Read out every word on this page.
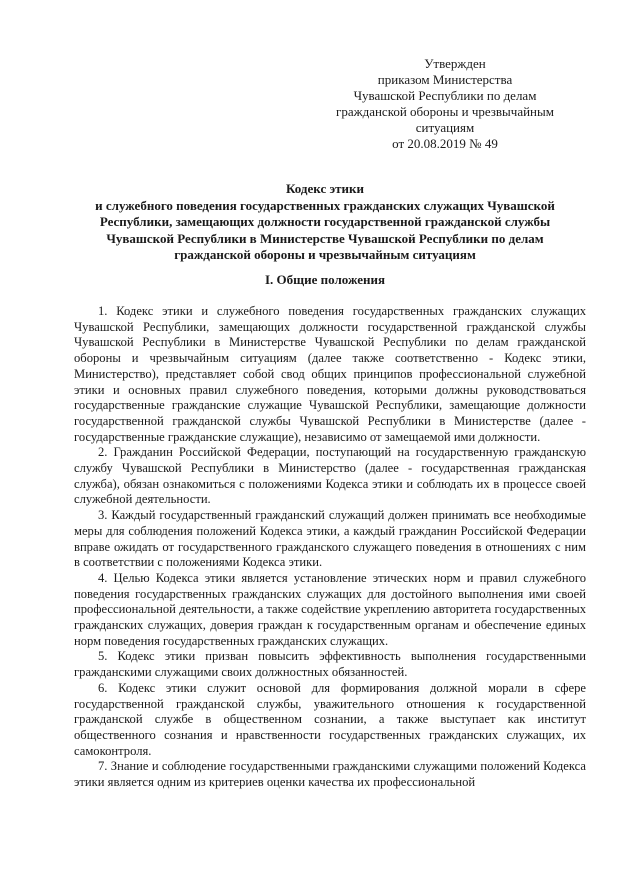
Утвержден
приказом Министерства
Чувашской Республики по делам
гражданской обороны и чрезвычайным
ситуациям
от 20.08.2019 № 49
Кодекс этики
и служебного поведения государственных гражданских служащих Чувашской
Республики, замещающих должности государственной гражданской службы
Чувашской Республики в Министерстве Чувашской Республики по делам
гражданской обороны и чрезвычайным ситуациям
I. Общие положения

1. Кодекс этики и служебного поведения государственных гражданских служащих Чувашской Республики, замещающих должности государственной гражданской службы Чувашской Республики в Министерстве Чувашской Республики по делам гражданской обороны и чрезвычайным ситуациям (далее также соответственно - Кодекс этики, Министерство), представляет собой свод общих принципов профессиональной служебной этики и основных правил служебного поведения, которыми должны руководствоваться государственные гражданские служащие Чувашской Республики, замещающие должности государственной гражданской службы Чувашской Республики в Министерстве (далее - государственные гражданские служащие), независимо от замещаемой ими должности.

2. Гражданин Российской Федерации, поступающий на государственную гражданскую службу Чувашской Республики в Министерство (далее - государственная гражданская служба), обязан ознакомиться с положениями Кодекса этики и соблюдать их в процессе своей служебной деятельности.

3. Каждый государственный гражданский служащий должен принимать все необходимые меры для соблюдения положений Кодекса этики, а каждый гражданин Российской Федерации вправе ожидать от государственного гражданского служащего поведения в отношениях с ним в соответствии с положениями Кодекса этики.

4. Целью Кодекса этики является установление этических норм и правил служебного поведения государственных гражданских служащих для достойного выполнения ими своей профессиональной деятельности, а также содействие укреплению авторитета государственных гражданских служащих, доверия граждан к государственным органам и обеспечение единых норм поведения государственных гражданских служащих.

5. Кодекс этики призван повысить эффективность выполнения государственными гражданскими служащими своих должностных обязанностей.

6. Кодекс этики служит основой для формирования должной морали в сфере государственной гражданской службы, уважительного отношения к государственной гражданской службе в общественном сознании, а также выступает как институт общественного сознания и нравственности государственных гражданских служащих, их самоконтроля.

7. Знание и соблюдение государственными гражданскими служащими положений Кодекса этики является одним из критериев оценки качества их профессиональной
